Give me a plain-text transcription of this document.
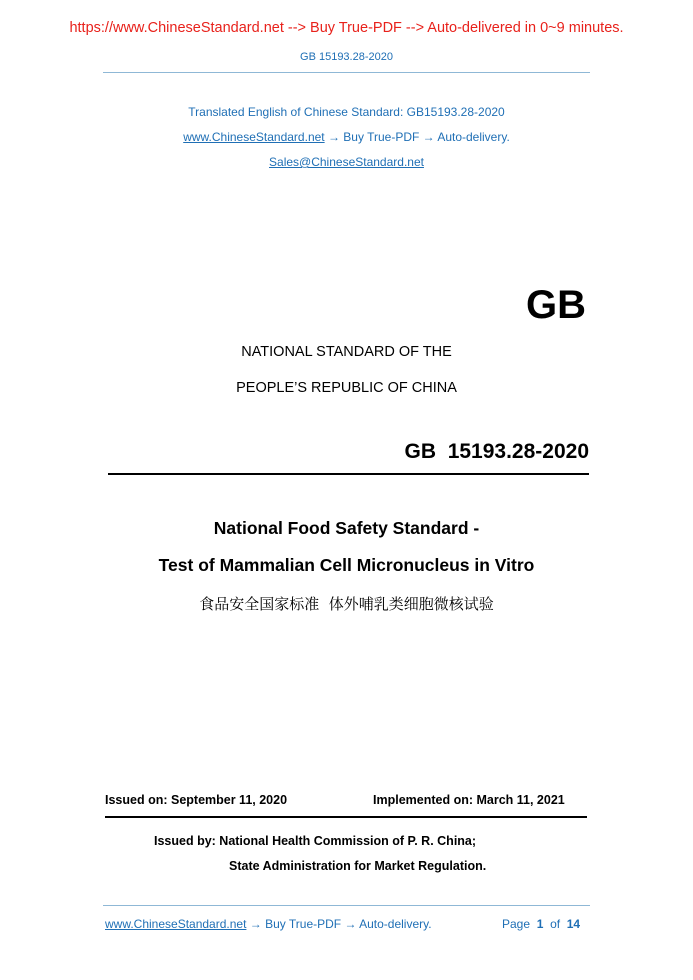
https://www.ChineseStandard.net --> Buy True-PDF --> Auto-delivered in 0~9 minutes.
GB 15193.28-2020
Translated English of Chinese Standard: GB15193.28-2020
www.ChineseStandard.net → Buy True-PDF → Auto-delivery.
Sales@ChineseStandard.net
GB
NATIONAL STANDARD OF THE
PEOPLE’S REPUBLIC OF CHINA
GB  15193.28-2020
National Food Safety Standard -
Test of Mammalian Cell Micronucleus in Vitro
食品安全国家标准  体外哺乳类细胞微核试验
Issued on: September 11, 2020	Implemented on: March 11, 2021
Issued by: National Health Commission of P. R. China;
State Administration for Market Regulation.
www.ChineseStandard.net → Buy True-PDF → Auto-delivery.	Page 1 of 14
